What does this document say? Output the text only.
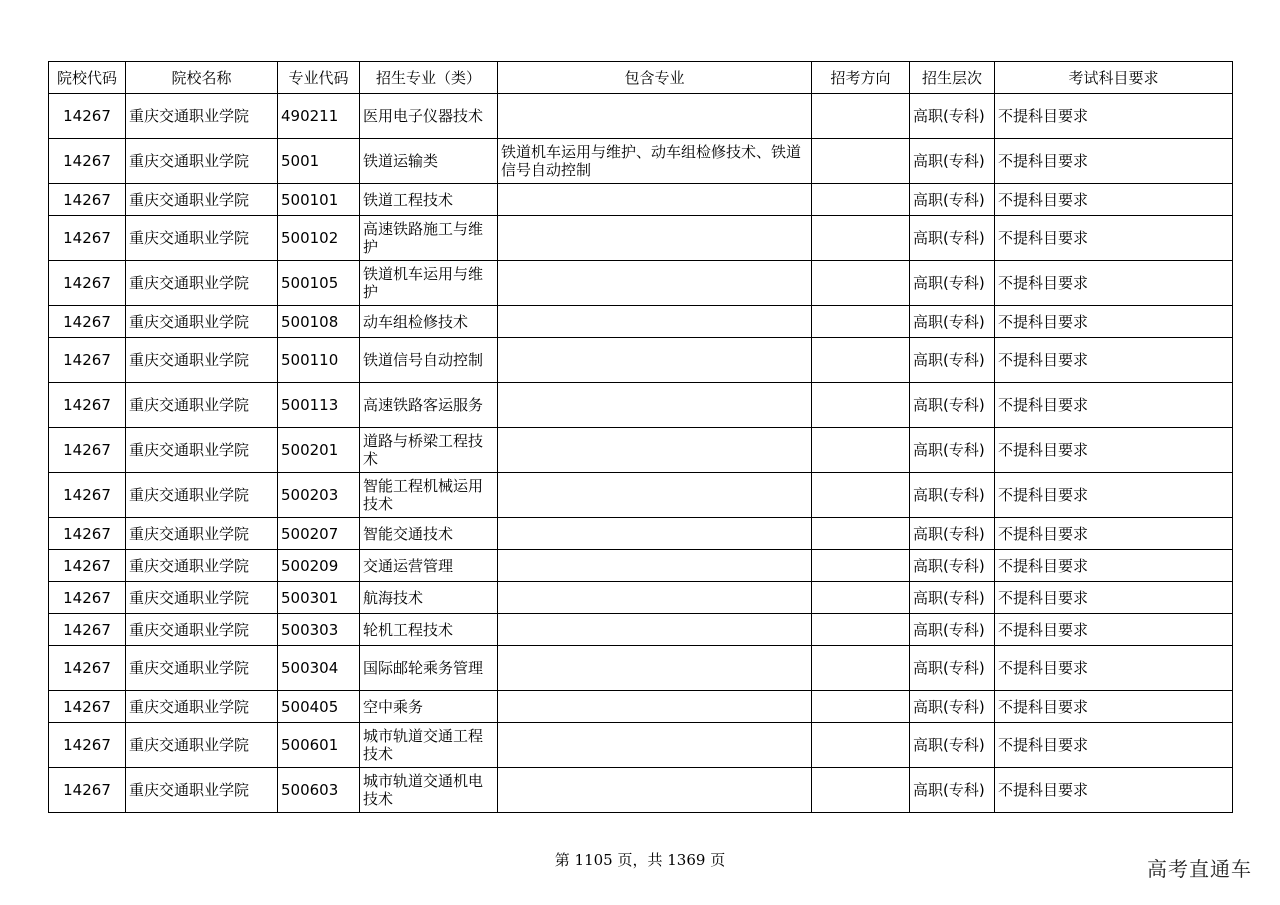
院校代码	院校名称	专业代码	招生专业（类）	包含专业	招考方向	招生层次	考试科目要求
14267	重庆交通职业学院	490211	医用电子仪器技术			高职(专科)	不提科目要求
14267	重庆交通职业学院	5001	铁道运输类	铁道机车运用与维护、动车组检修技术、铁道信号自动控制		高职(专科)	不提科目要求
14267	重庆交通职业学院	500101	铁道工程技术			高职(专科)	不提科目要求
14267	重庆交通职业学院	500102	高速铁路施工与维护			高职(专科)	不提科目要求
14267	重庆交通职业学院	500105	铁道机车运用与维护			高职(专科)	不提科目要求
14267	重庆交通职业学院	500108	动车组检修技术			高职(专科)	不提科目要求
14267	重庆交通职业学院	500110	铁道信号自动控制			高职(专科)	不提科目要求
14267	重庆交通职业学院	500113	高速铁路客运服务			高职(专科)	不提科目要求
14267	重庆交通职业学院	500201	道路与桥梁工程技术			高职(专科)	不提科目要求
14267	重庆交通职业学院	500203	智能工程机械运用技术			高职(专科)	不提科目要求
14267	重庆交通职业学院	500207	智能交通技术			高职(专科)	不提科目要求
14267	重庆交通职业学院	500209	交通运营管理			高职(专科)	不提科目要求
14267	重庆交通职业学院	500301	航海技术			高职(专科)	不提科目要求
14267	重庆交通职业学院	500303	轮机工程技术			高职(专科)	不提科目要求
14267	重庆交通职业学院	500304	国际邮轮乘务管理			高职(专科)	不提科目要求
14267	重庆交通职业学院	500405	空中乘务			高职(专科)	不提科目要求
14267	重庆交通职业学院	500601	城市轨道交通工程技术			高职(专科)	不提科目要求
14267	重庆交通职业学院	500603	城市轨道交通机电技术			高职(专科)	不提科目要求
第 1105 页，共 1369 页	高考直通车
